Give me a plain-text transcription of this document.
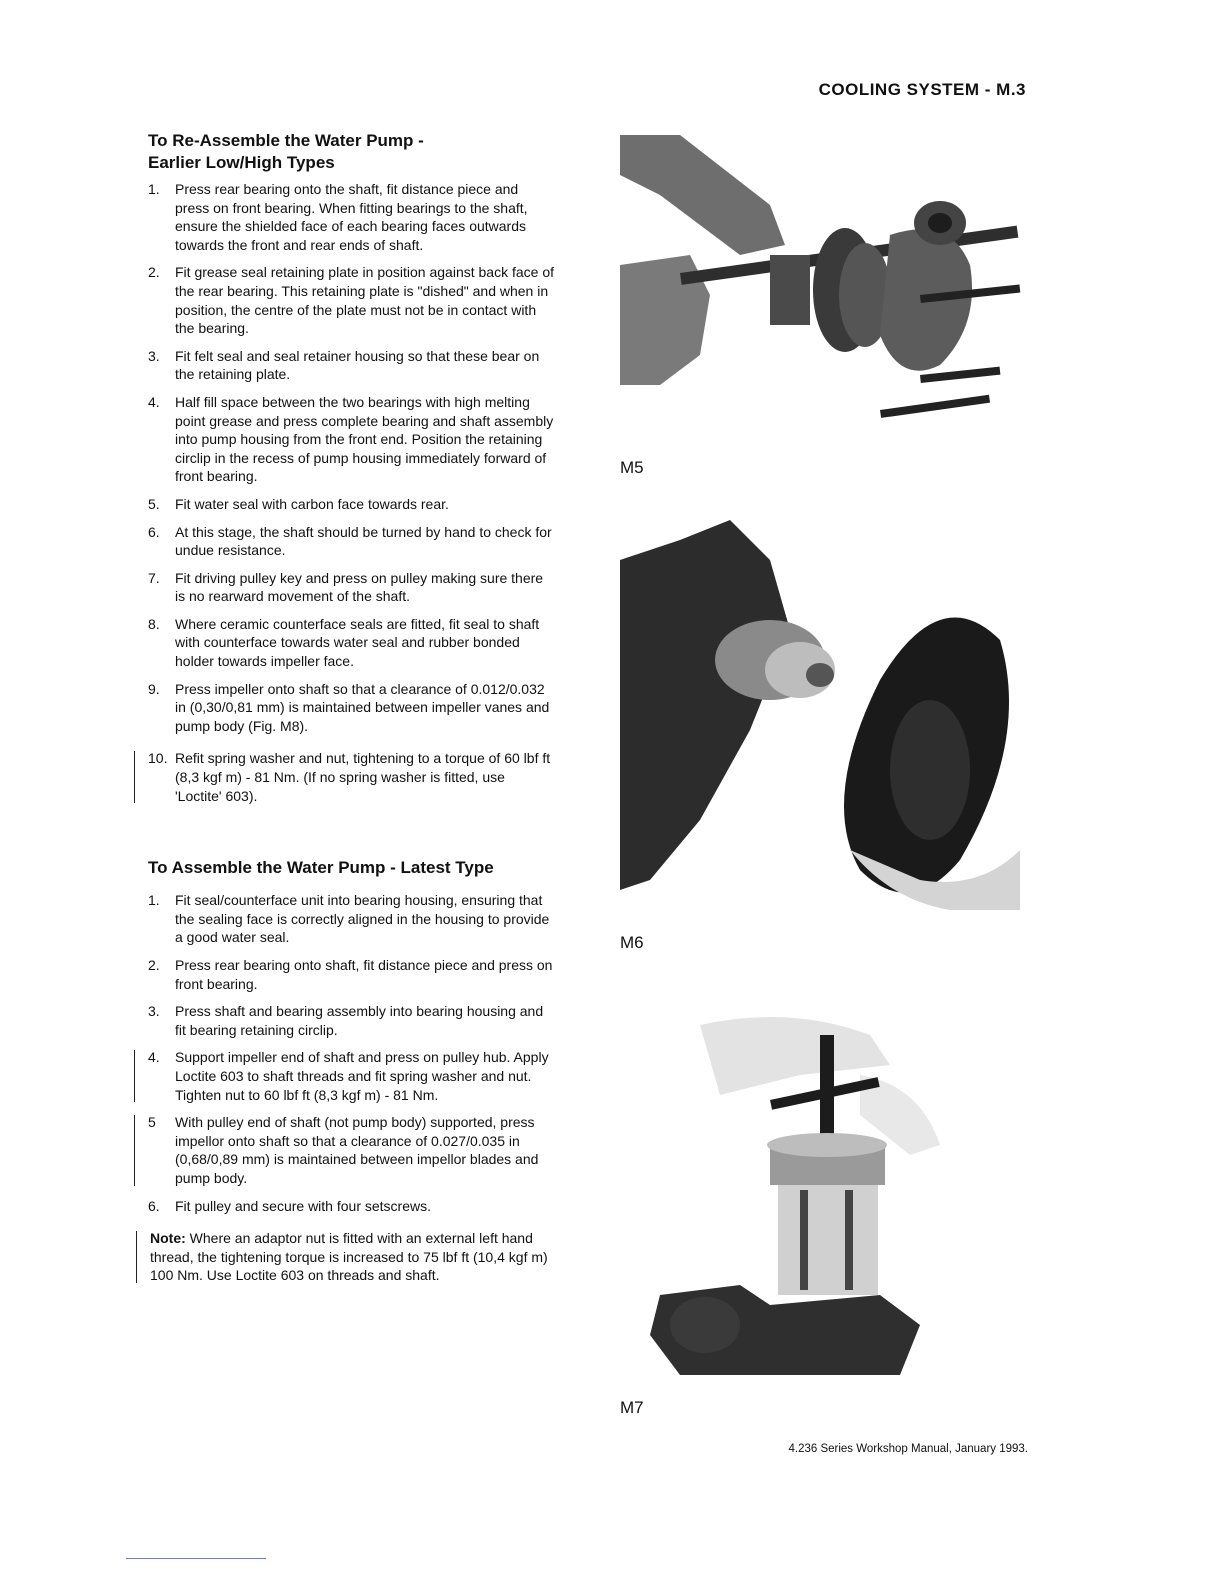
COOLING SYSTEM - M.3
To Re-Assemble the Water Pump -
Earlier Low/High Types
1. Press rear bearing onto the shaft, fit distance piece and press on front bearing. When fitting bearings to the shaft, ensure the shielded face of each bearing faces outwards towards the front and rear ends of shaft.
2. Fit grease seal retaining plate in position against back face of the rear bearing. This retaining plate is "dished" and when in position, the centre of the plate must not be in contact with the bearing.
3. Fit felt seal and seal retainer housing so that these bear on the retaining plate.
4. Half fill space between the two bearings with high melting point grease and press complete bearing and shaft assembly into pump housing from the front end. Position the retaining circlip in the recess of pump housing immediately forward of front bearing.
5. Fit water seal with carbon face towards rear.
6. At this stage, the shaft should be turned by hand to check for undue resistance.
7. Fit driving pulley key and press on pulley making sure there is no rearward movement of the shaft.
8. Where ceramic counterface seals are fitted, fit seal to shaft with counterface towards water seal and rubber bonded holder towards impeller face.
9. Press impeller onto shaft so that a clearance of 0.012/0.032 in (0,30/0,81 mm) is maintained between impeller vanes and pump body (Fig. M8).
10. Refit spring washer and nut, tightening to a torque of 60 lbf ft (8,3 kgf m) - 81 Nm. (If no spring washer is fitted, use 'Loctite' 603).
To Assemble the Water Pump - Latest Type
1. Fit seal/counterface unit into bearing housing, ensuring that the sealing face is correctly aligned in the housing to provide a good water seal.
2. Press rear bearing onto shaft, fit distance piece and press on front bearing.
3. Press shaft and bearing assembly into bearing housing and fit bearing retaining circlip.
4. Support impeller end of shaft and press on pulley hub. Apply Loctite 603 to shaft threads and fit spring washer and nut. Tighten nut to 60 lbf ft (8,3 kgf m) - 81 Nm.
5 With pulley end of shaft (not pump body) supported, press impellor onto shaft so that a clearance of 0.027/0.035 in (0,68/0,89 mm) is maintained between impellor blades and pump body.
6. Fit pulley and secure with four setscrews.
Note: Where an adaptor nut is fitted with an external left hand thread, the tightening torque is increased to 75 lbf ft (10,4 kgf m) 100 Nm. Use Loctite 603 on threads and shaft.
M5
M6
M7
4.236 Series Workshop Manual, January 1993.
